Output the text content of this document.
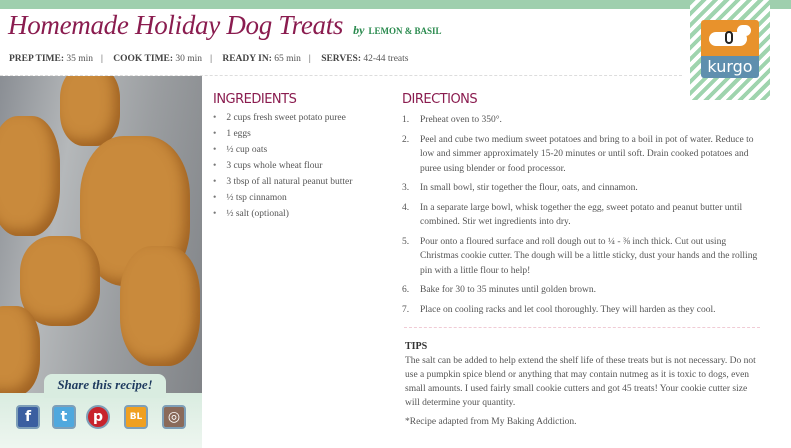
Homemade Holiday Dog Treats by LEMON & BASIL
PREP TIME: 35 min | COOK TIME: 30 min | READY IN: 65 min | SERVES: 42-44 treats	kurgo
Share this recipe!
f	t	p	BL	◎
INGREDIENTS
• 2 cups fresh sweet potato puree
• 1 eggs
• ½ cup oats
• 3 cups whole wheat flour
• 3 tbsp of all natural peanut butter
• ½ tsp cinnamon
• ½ salt (optional)
DIRECTIONS
1.	Preheat oven to 350°.
2.	Peel and cube two medium sweet potatoes and bring to a boil in pot of water. Reduce to low and simmer approximately 15-20 minutes or until soft. Drain cooked potatoes and puree using blender or food processor.
3.	In small bowl, stir together the flour, oats, and cinnamon.
4.	In a separate large bowl, whisk together the egg, sweet potato and peanut butter until combined. Stir wet ingredients into dry.
5.	Pour onto a floured surface and roll dough out to ¼ - ⅜ inch thick. Cut out using Christmas cookie cutter. The dough will be a little sticky, dust your hands and the rolling pin with a little flour to help!
6.	Bake for 30 to 35 minutes until golden brown.
7.	Place on cooling racks and let cool thoroughly. They will harden as they cool.
TIPS

The salt can be added to help extend the shelf life of these treats but is not necessary. Do not use a pumpkin spice blend or anything that may contain nutmeg as it is toxic to dogs, even small amounts. I used fairly small cookie cutters and got 45 treats! Your cookie cutter size will determine your quantity.

*Recipe adapted from My Baking Addiction.
